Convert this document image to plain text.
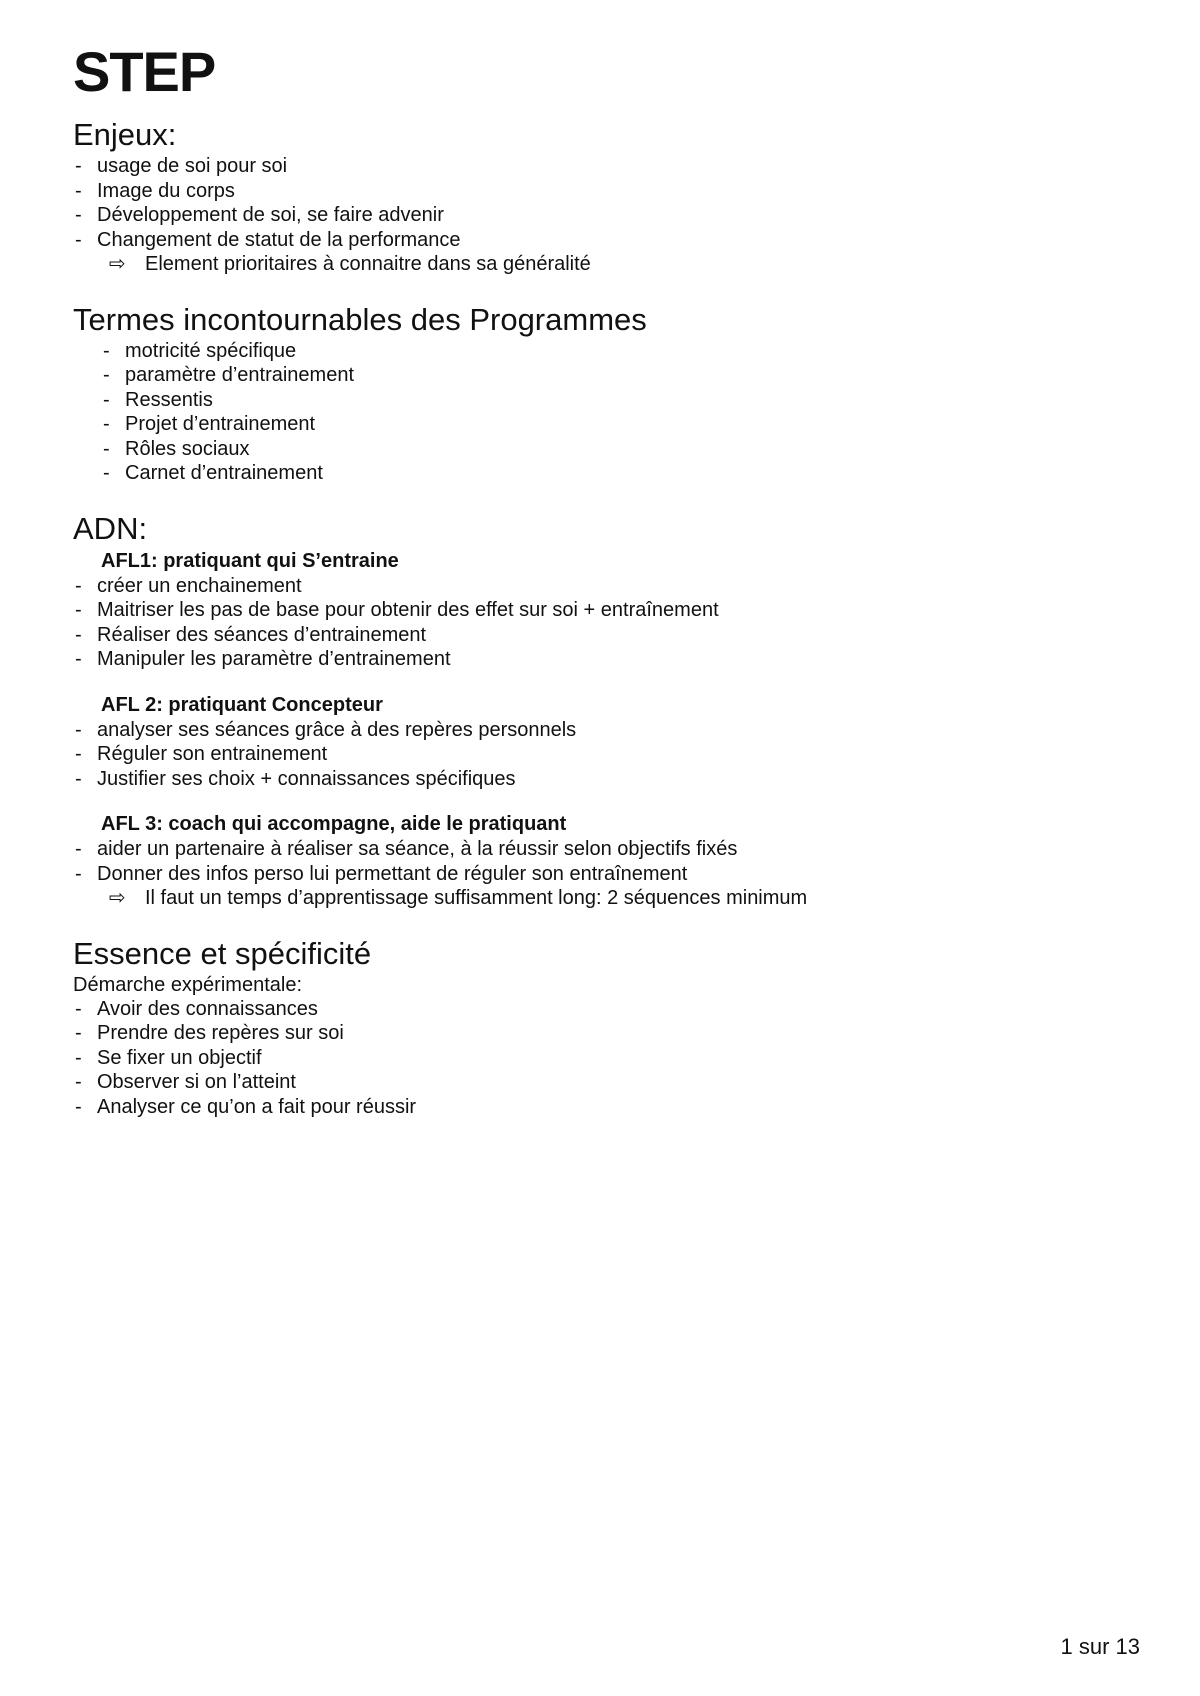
STEP
Enjeux:
- usage de soi pour soi
- Image du corps
- Développement de soi, se faire advenir
- Changement de statut de la performance
⇨ Element prioritaires à connaitre dans sa généralité
Termes incontournables des Programmes
- motricité spécifique
- paramètre d’entrainement
- Ressentis
- Projet d’entrainement
- Rôles sociaux
- Carnet d’entrainement
ADN:
AFL1: pratiquant qui S’entraine
- créer un enchainement
- Maitriser les pas de base pour obtenir des effet sur soi + entraînement
- Réaliser des séances d’entrainement
- Manipuler les paramètre d’entrainement
AFL 2: pratiquant Concepteur
- analyser ses séances grâce à des repères personnels
- Réguler son entrainement
- Justifier ses choix + connaissances spécifiques
AFL 3: coach qui accompagne, aide le pratiquant
- aider un partenaire à réaliser sa séance, à la réussir selon objectifs fixés
- Donner des infos perso lui permettant de réguler son entraînement
⇨ Il faut un temps d’apprentissage suffisamment long: 2 séquences minimum
Essence et spécificité
Démarche expérimentale:
- Avoir des connaissances
- Prendre des repères sur soi
- Se fixer un objectif
- Observer si on l’atteint
- Analyser ce qu’on a fait pour réussir
1 sur 13
